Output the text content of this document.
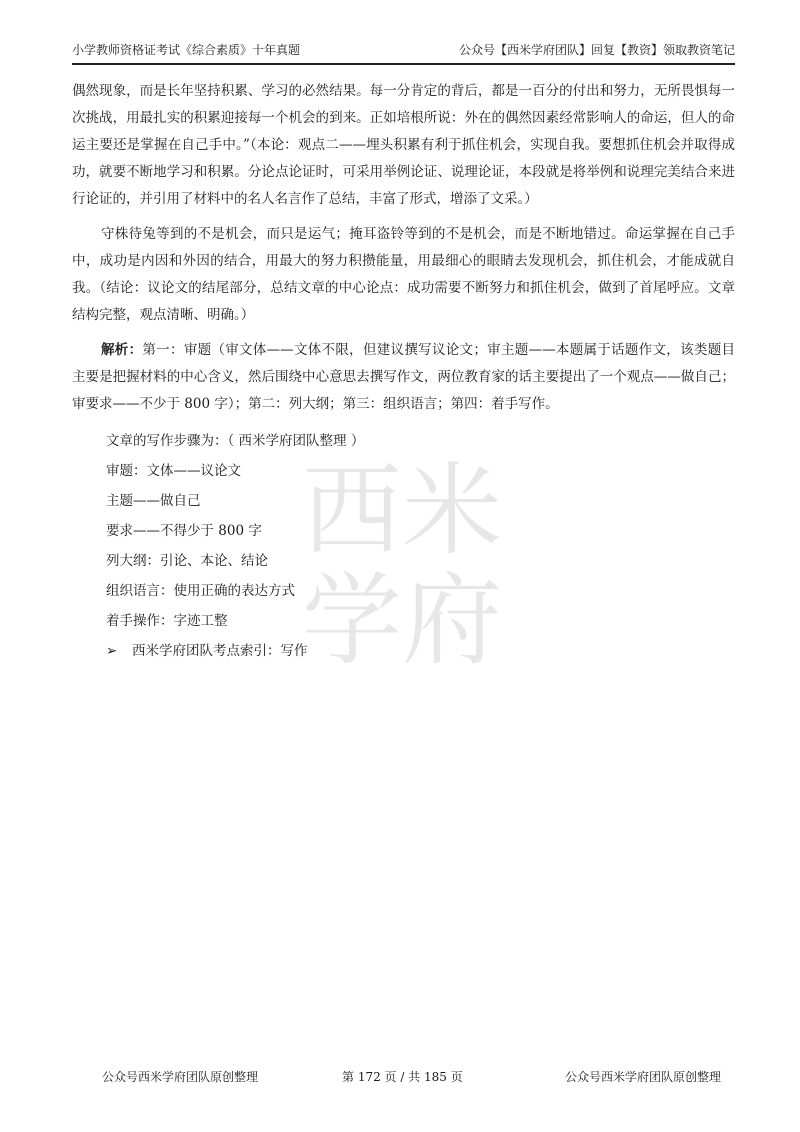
小学教师资格证考试《综合素质》十年真题	公众号【西米学府团队】回复【教资】领取教资笔记
西米
学府

偶然现象，而是长年坚持积累、学习的必然结果。每一分肯定的背后，都是一百分的付出和努力，无所畏惧每一次挑战，用最扎实的积累迎接每一个机会的到来。正如培根所说：外在的偶然因素经常影响人的命运，但人的命运主要还是掌握在自己手中。”（本论：观点二——埋头积累有利于抓住机会，实现自我。要想抓住机会并取得成功，就要不断地学习和积累。分论点论证时，可采用举例论证、说理论证，本段就是将举例和说理完美结合来进行论证的，并引用了材料中的名人名言作了总结，丰富了形式，增添了文采。）

守株待兔等到的不是机会，而只是运气；掩耳盗铃等到的不是机会，而是不断地错过。命运掌握在自己手中，成功是内因和外因的结合，用最大的努力积攒能量，用最细心的眼睛去发现机会，抓住机会，才能成就自我。（结论：议论文的结尾部分，总结文章的中心论点：成功需要不断努力和抓住机会，做到了首尾呼应。文章结构完整，观点清晰、明确。）

解析：第一：审题（审文体——文体不限，但建议撰写议论文；审主题——本题属于话题作文，该类题目主要是把握材料的中心含义，然后围绕中心意思去撰写作文，两位教育家的话主要提出了一个观点——做自己；审要求——不少于 800 字）；第二：列大纲；第三：组织语言；第四：着手写作。

文章的写作步骤为：（ 西米学府团队整理 ）

审题：文体——议论文

主题——做自己

要求——不得少于 800 字

列大纲：引论、本论、结论

组织语言：使用正确的表达方式

着手操作：字迹工整

➢ 西米学府团队考点索引：写作

公众号西米学府团队原创整理	第 172 页 / 共 185 页	公众号西米学府团队原创整理
